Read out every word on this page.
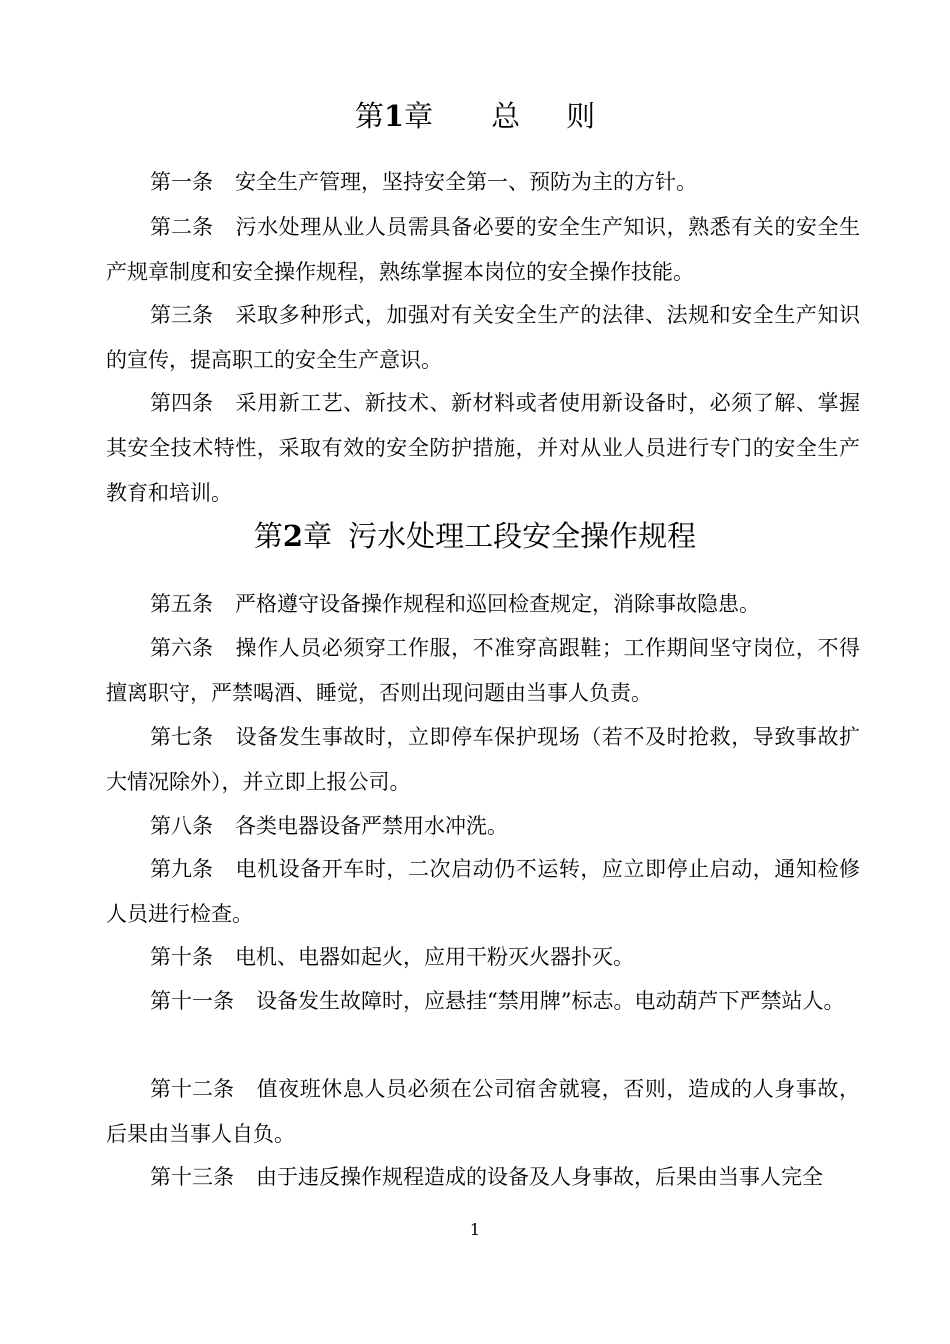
第1章 总 则

第一条 安全生产管理，坚持安全第一、预防为主的方针。

第二条 污水处理从业人员需具备必要的安全生产知识，熟悉有关的安全生产规章制度和安全操作规程，熟练掌握本岗位的安全操作技能。

第三条 采取多种形式，加强对有关安全生产的法律、法规和安全生产知识的宣传，提高职工的安全生产意识。

第四条 采用新工艺、新技术、新材料或者使用新设备时，必须了解、掌握其安全技术特性，采取有效的安全防护措施，并对从业人员进行专门的安全生产教育和培训。

第2章 污水处理工段安全操作规程

第五条 严格遵守设备操作规程和巡回检查规定，消除事故隐患。

第六条 操作人员必须穿工作服，不准穿高跟鞋；工作期间坚守岗位，不得擅离职守，严禁喝酒、睡觉，否则出现问题由当事人负责。

第七条 设备发生事故时，立即停车保护现场（若不及时抢救，导致事故扩大情况除外），并立即上报公司。

第八条 各类电器设备严禁用水冲洗。

第九条 电机设备开车时，二次启动仍不运转，应立即停止启动，通知检修人员进行检查。

第十条 电机、电器如起火，应用干粉灭火器扑灭。

第十一条 设备发生故障时，应悬挂“禁用牌”标志。电动葫芦下严禁站人。

第十二条 值夜班休息人员必须在公司宿舍就寝，否则，造成的人身事故，后果由当事人自负。

第十三条 由于违反操作规程造成的设备及人身事故，后果由当事人完全

1
